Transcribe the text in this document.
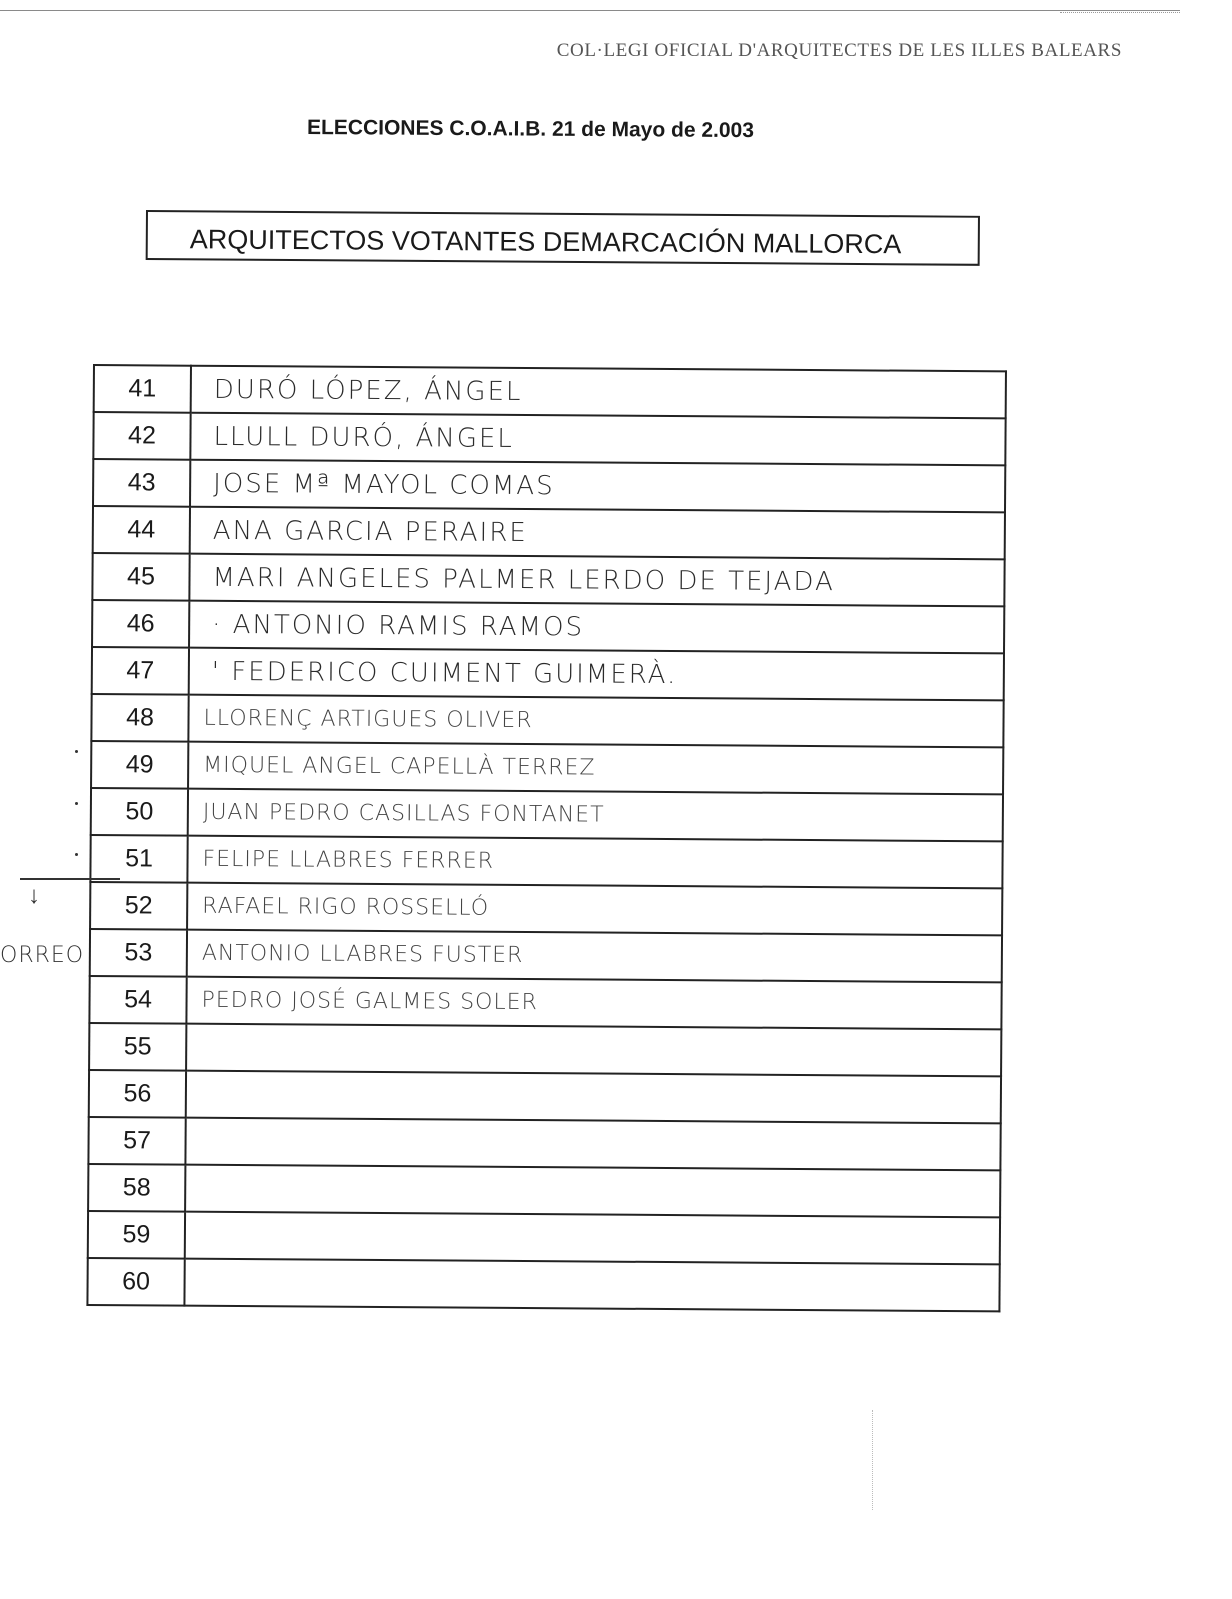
COL·LEGI OFICIAL D'ARQUITECTES DE LES ILLES BALEARS
ELECCIONES C.O.A.I.B. 21 de Mayo de 2.003
ARQUITECTOS VOTANTES DEMARCACIÓN MALLORCA
41	DURÓ LÓPEZ, ÁNGEL
42	LLULL DURÓ, ÁNGEL
43	JOSE Mª MAYOL COMAS
44	ANA GARCIA PERAIRE
45	MARI ANGELES PALMER LERDO DE TEJADA
46	· ANTONIO RAMIS RAMOS
47	' FEDERICO CUIMENT GUIMERÀ.
48	LLORENÇ ARTIGUES OLIVER
49	MIQUEL ANGEL CAPELLÀ TERREZ
50	JUAN PEDRO CASILLAS FONTANET
51	FELIPE LLABRES FERRER
52	RAFAEL RIGO ROSSELLÓ
53	ANTONIO LLABRES FUSTER
54	PEDRO JOSÉ GALMES SOLER
55	
56	
57	
58	
59	
60	
↓
ORREO
